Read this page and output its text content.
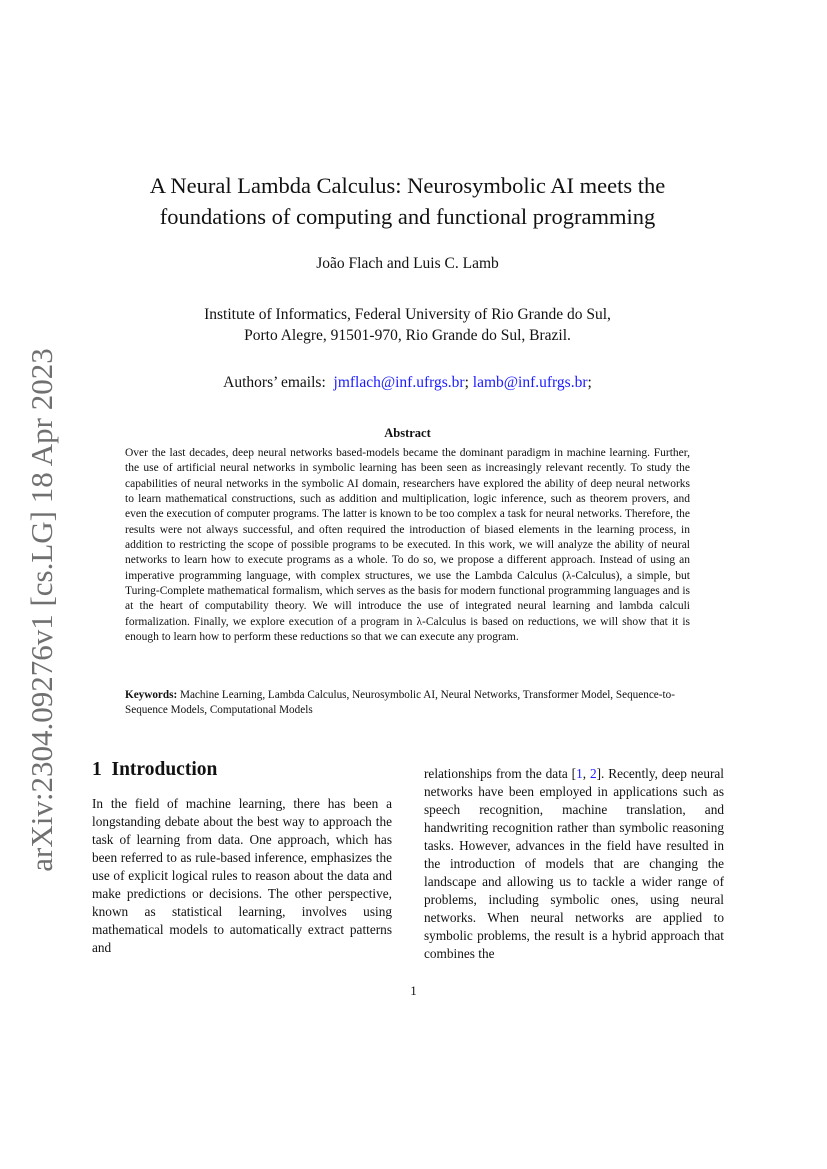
arXiv:2304.09276v1 [cs.LG] 18 Apr 2023
A Neural Lambda Calculus: Neurosymbolic AI meets the
foundations of computing and functional programming
João Flach and Luis C. Lamb
Institute of Informatics, Federal University of Rio Grande do Sul,
Porto Alegre, 91501-970, Rio Grande do Sul, Brazil.
Authors’ emails: jmflach@inf.ufrgs.br; lamb@inf.ufrgs.br;
Abstract

Over the last decades, deep neural networks based-models became the dominant paradigm in machine learning. Further, the use of artificial neural networks in symbolic learning has been seen as increasingly relevant recently. To study the capabilities of neural networks in the symbolic AI domain, researchers have explored the ability of deep neural networks to learn mathematical constructions, such as addition and multiplication, logic inference, such as theorem provers, and even the execution of computer programs. The latter is known to be too complex a task for neural networks. Therefore, the results were not always successful, and often required the introduction of biased elements in the learning process, in addition to restricting the scope of possible programs to be executed. In this work, we will analyze the ability of neural networks to learn how to execute programs as a whole. To do so, we propose a different approach. Instead of using an imperative programming language, with complex structures, we use the Lambda Calculus (λ-Calculus), a simple, but Turing-Complete mathematical formalism, which serves as the basis for modern functional programming languages and is at the heart of computability theory. We will introduce the use of integrated neural learning and lambda calculi formalization. Finally, we explore execution of a program in λ-Calculus is based on reductions, we will show that it is enough to learn how to perform these reductions so that we can execute any program.

Keywords: Machine Learning, Lambda Calculus, Neurosymbolic AI, Neural Networks, Transformer Model, Sequence-to-Sequence Models, Computational Models

1 Introduction

In the field of machine learning, there has been a longstanding debate about the best way to approach the task of learning from data. One approach, which has been referred to as rule-based inference, emphasizes the use of explicit logical rules to reason about the data and make predictions or decisions. The other perspective, known as statistical learning, involves using mathematical models to automatically extract patterns and

relationships from the data [1, 2]. Recently, deep neural networks have been employed in applications such as speech recognition, machine translation, and handwriting recognition rather than symbolic reasoning tasks. However, advances in the field have resulted in the introduction of models that are changing the landscape and allowing us to tackle a wider range of problems, including symbolic ones, using neural networks. When neural networks are applied to symbolic problems, the result is a hybrid approach that combines the

1
